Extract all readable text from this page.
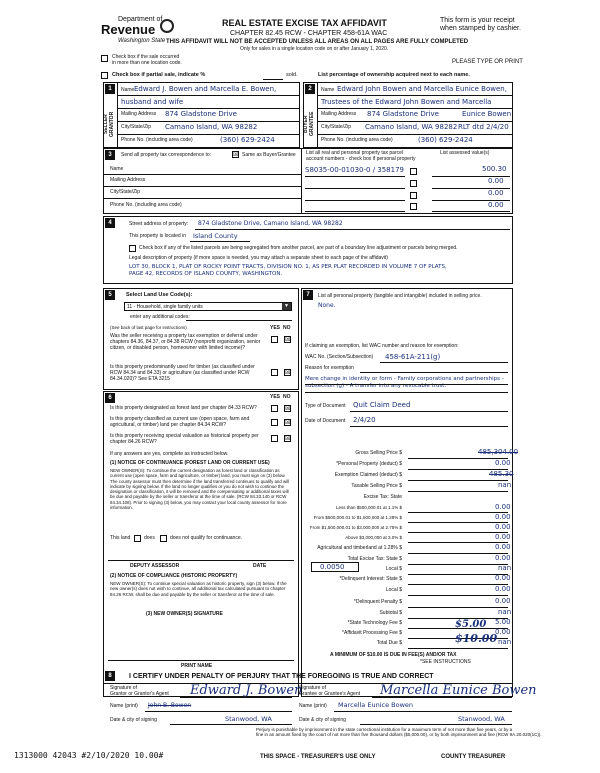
Department of
Revenue
Washington State
REAL ESTATE EXCISE TAX AFFIDAVIT
CHAPTER 82.45 RCW - CHAPTER 458-61A WAC
THIS AFFIDAVIT WILL NOT BE ACCEPTED UNLESS ALL AREAS ON ALL PAGES ARE FULLY COMPLETED
Only for sales in a single location code on or after January 1, 2020.
This form is your receipt
when stamped by cashier.
Check box if the sale occurred
in more than one location code.	PLEASE TYPE OR PRINT
Check box if partial sale, indicate %	sold.	List percentage of ownership acquired next to each name.
1
SELLER
GRANTOR
Name Edward J. Bowen and Marcella E. Bowen,
husband and wife
Mailing Address 874 Gladstone Drive
City/State/Zip Camano Island, WA 98282
Phone No. (including area code)	(360) 629-2424
2
BUYER
GRANTEE
Name Edward John Bowen and Marcella Eunice Bowen,
Trustees of the Edward John Bowen and Marcella
Mailing Address 874 Gladstone Drive	Eunice Bowen
City/State/Zip Camano Island, WA 98282 RLT dtd 2/4/20
Phone No. (including area code)	(360) 629-2424
3	Send all property tax correspondence to:	☒ Same as Buyer/Grantee
Name
Mailing Address
City/State/Zip
Phone No. (including area code)
List all real and personal property tax parcel
account numbers - check box if personal property
List assessed value(s)
S8035-00-01030-0 / 358179	500.30
0.00
0.00
0.00
4	Street address of property: 874 Gladstone Drive, Camano Island, WA 98282
This property is located in Island County
Check box if any of the listed parcels are being segregated from another parcel, are part of a boundary line adjustment or parcels being merged.
Legal description of property (if more space is needed, you may attach a separate sheet to each page of the affidavit)
LOT 30, BLOCK 1, PLAT OF ROCKY POINT TRACTS, DIVISION NO. 1, AS PER PLAT RECORDED IN VOLUME 7 OF PLATS,
PAGE 42, RECORDS OF ISLAND COUNTY, WASHINGTON.
5	Select Land Use Code(s):
11 - Household, single family units	▼
enter any additional codes:
(See back of last page for instructions)	YES NO
Was the seller receiving a property tax exemption or deferral under chapters 84.36, 84.37, or 84.38 RCW (nonprofit organization, senior citizen, or disabled person, homeowner with limited income)?
☒
Is this property predominantly used for timber (as classified under RCW 84.34 and 84.33) or agriculture (as classified under RCW 84.34.020)? See ETA 3215
☒
6	YES NO
Is this property designated as forest land per chapter 84.33 RCW?	☒
Is this property classified as current use (open space, farm and agricultural, or timber) land per chapter 84.34 RCW?	☒
Is this property receiving special valuation as historical property per chapter 84.26 RCW?	☒
If any answers are yes, complete as instructed below.
(1) NOTICE OF CONTINUANCE (FOREST LAND OR CURRENT USE)
NEW OWNER(S): To continue the current designation as forest land or classification as current use (open space, farm and agriculture, or timber) land, you must sign on (3) below. The county assessor must then determine if the land transferred continues to qualify and will indicate by signing below. If the land no longer qualifies or you do not wish to continue the designation or classification, it will be removed and the compensating or additional taxes will be due and payable by the seller or transferor at the time of sale. (RCW 84.33.140 or RCW 84.34.108). Prior to signing (3) below, you may contact your local county assessor for more information.
This land	does	does not qualify for continuance.
DEPUTY ASSESSOR	DATE
(2) NOTICE OF COMPLIANCE (HISTORIC PROPERTY)
NEW OWNER(S): To continue special valuation as historic property, sign (3) below. If the new owner(s) does not wish to continue, all additional tax calculated pursuant to chapter 84.26 RCW, shall be due and payable by the seller or transferor at the time of sale.
(3) NEW OWNER(S) SIGNATURE
PRINT NAME
7	List all personal property (tangible and intangible) included in selling price.
None.
If claiming an exemption, list WAC number and reason for exemption:
WAC No. (Section/Subsection) 458-61A-211(g)
Reason for exemption
Mere change in identity or form - Family corporations and partnerships - subsection (g) - A transfer into any revocable trust.
Type of Document Quit Claim Deed
Date of Document 2/4/20
Gross Selling Price $	485,304.00
*Personal Property (deduct) $	0.00
Exemption Claimed (deduct) $	485.30
Taxable Selling Price $	nan
Excise Tax: State
Less than $500,000.01 at 1.1% $	0.00
From $500,000.01 to $1,500,000 at 1.28% $	0.00
From $1,500,000.01 to $3,000,000 at 2.75% $	0.00
Above $3,000,000 at 3.0% $	0.00
Agricultural and timberland at 1.28% $	0.00
Total Excise Tax: State $	0.00
0.0050	Local $	nan
*Delinquent Interest: State $	0.00
Local $	0.00
*Delinquent Penalty $	0.00
Subtotal $	nan
*State Technology Fee $	5.00
$5.00
*Affidavit Processing Fee $	0.00
Total Due $	nan
$10.00
A MINIMUM OF $10.00 IS DUE IN FEE(S) AND/OR TAX
*SEE INSTRUCTIONS
8	I CERTIFY UNDER PENALTY OF PERJURY THAT THE FOREGOING IS TRUE AND CORRECT
Signature of
Grantor or Grantor's Agent Edward J. Bowen
Signature of
Grantee or Grantee's Agent Marcella Eunice Bowen
Name (print) John B. Bowen	Name (print) Marcella Eunice Bowen
Date & city of signing	Stanwood, WA	Date & city of signing	Stanwood, WA
Perjury is punishable by imprisonment in the state correctional institution for a maximum term of not more than five years, or by a
fine in an amount fixed by the court of not more than five thousand dollars ($5,000.00), or by both imprisonment and fine (RCW 9A.20.020(1C)).
1313000 42043 #2/10/2020 10.00#	THIS SPACE - TREASURER'S USE ONLY	COUNTY TREASURER
